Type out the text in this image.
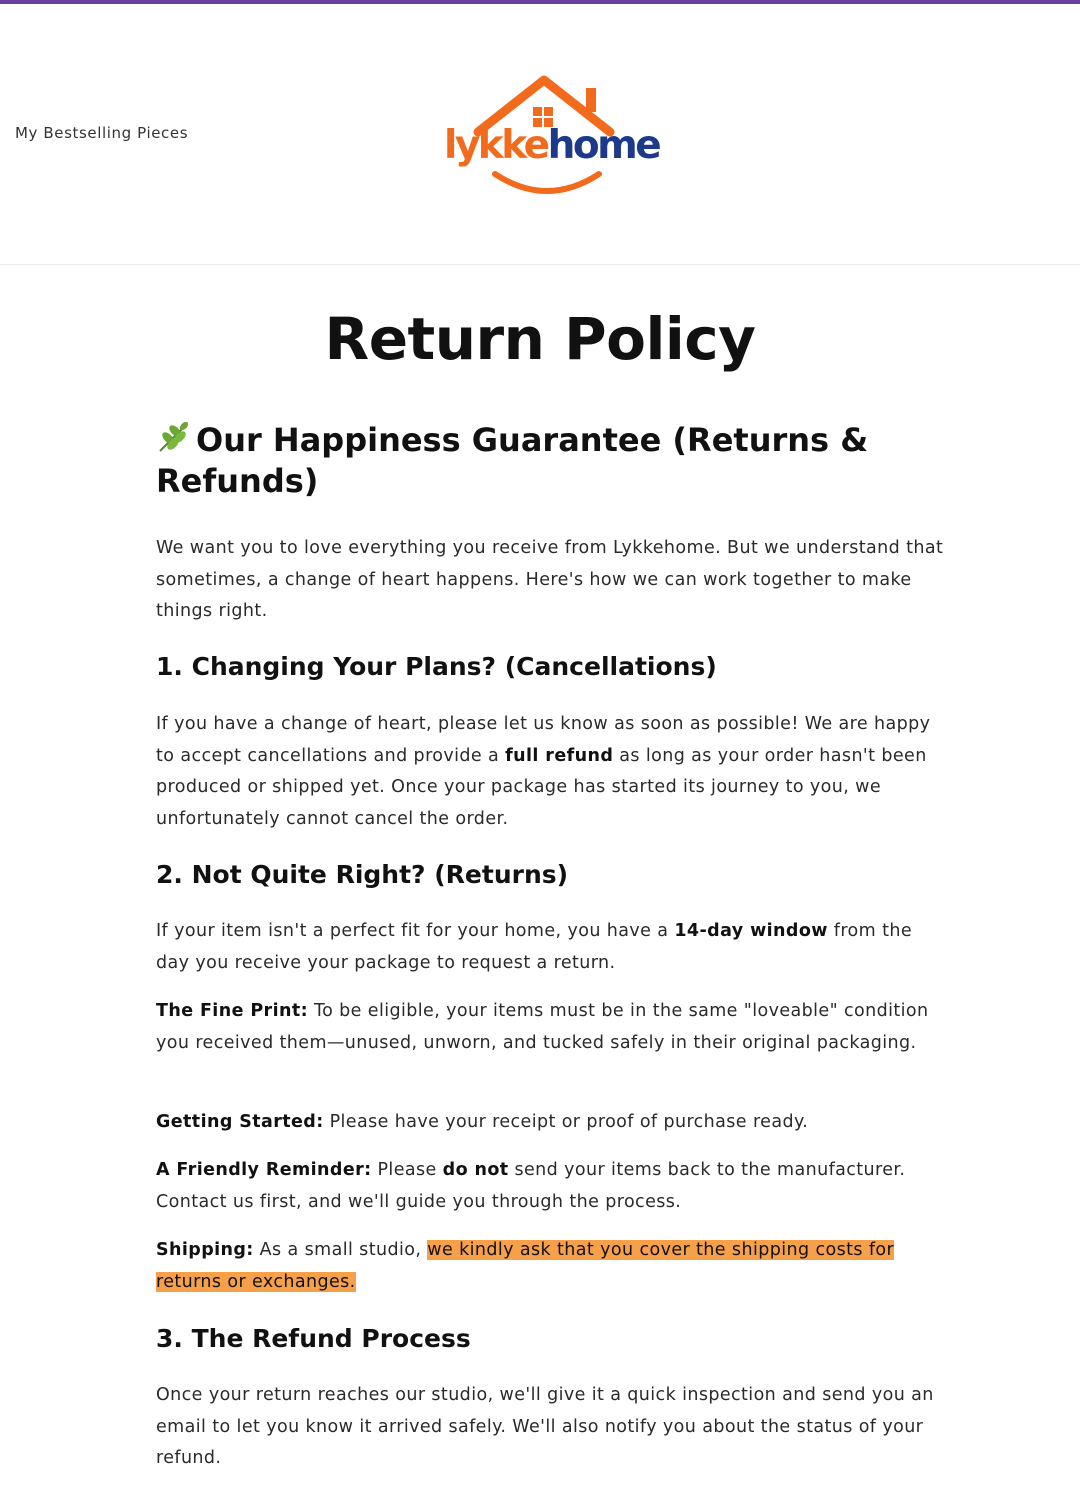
My Bestselling Pieces	lykkehome
Return Policy
Our Happiness Guarantee (Returns & Refunds)

We want you to love everything you receive from Lykkehome. But we understand that sometimes, a change of heart happens. Here's how we can work together to make things right.

1. Changing Your Plans? (Cancellations)

If you have a change of heart, please let us know as soon as possible! We are happy to accept cancellations and provide a full refund as long as your order hasn't been produced or shipped yet. Once your package has started its journey to you, we unfortunately cannot cancel the order.

2. Not Quite Right? (Returns)

If your item isn't a perfect fit for your home, you have a 14-day window from the day you receive your package to request a return.

The Fine Print: To be eligible, your items must be in the same "loveable" condition you received them—unused, unworn, and tucked safely in their original packaging.

Getting Started: Please have your receipt or proof of purchase ready.

A Friendly Reminder: Please do not send your items back to the manufacturer. Contact us first, and we'll guide you through the process.

Shipping: As a small studio, we kindly ask that you cover the shipping costs for returns or exchanges.

3. The Refund Process

Once your return reaches our studio, we'll give it a quick inspection and send you an email to let you know it arrived safely. We'll also notify you about the status of your refund.
